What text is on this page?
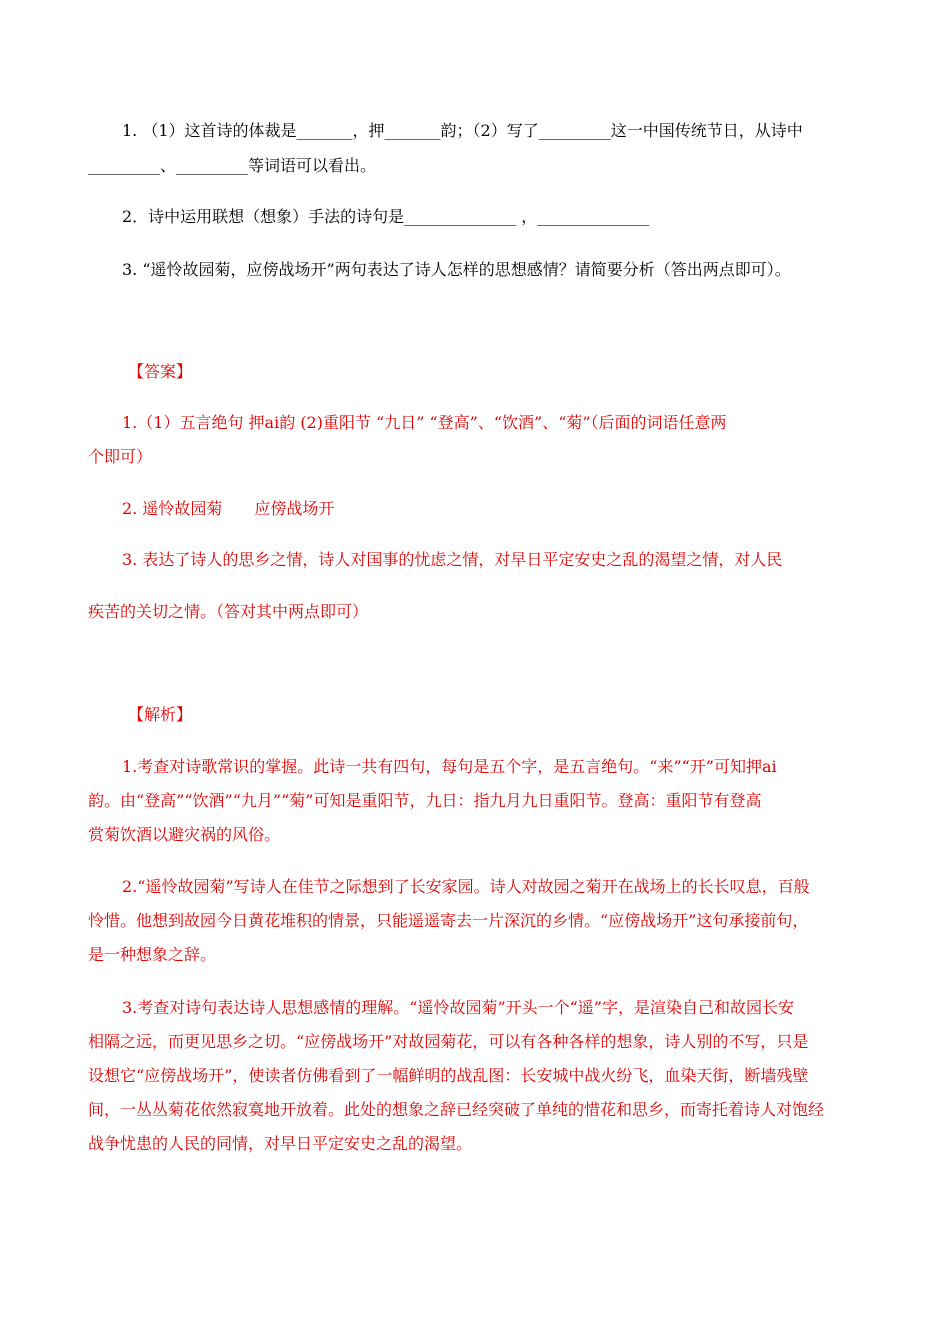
1. （1）这首诗的体裁是_______，押_______韵；（2）写了_________这一中国传统节日，从诗中
_________、_________等词语可以看出。
2．诗中运用联想（想象）手法的诗句是______________ ，______________
3. “遥怜故园菊，应傍战场开”两句表达了诗人怎样的思想感情？请简要分析（答出两点即可）。
【答案】
1.（1）五言绝句 押ai韵 (2)重阳节 “九日” “登高”、“饮酒”、“菊”（后面的词语任意两
个即可）
2. 遥怜故园菊　　应傍战场开
3. 表达了诗人的思乡之情，诗人对国事的忧虑之情，对早日平定安史之乱的渴望之情，对人民
疾苦的关切之情。（答对其中两点即可）
【解析】
1.考查对诗歌常识的掌握。此诗一共有四句，每句是五个字，是五言绝句。“来”“开”可知押ai
韵。由“登高”“饮酒”“九月”“菊”可知是重阳节，九日：指九月九日重阳节。登高：重阳节有登高
赏菊饮酒以避灾祸的风俗。
2.“遥怜故园菊”写诗人在佳节之际想到了长安家园。诗人对故园之菊开在战场上的长长叹息，百般
怜惜。他想到故园今日黄花堆积的情景，只能遥遥寄去一片深沉的乡情。“应傍战场开”这句承接前句，
是一种想象之辞。
3.考查对诗句表达诗人思想感情的理解。“遥怜故园菊”开头一个“遥”字，是渲染自己和故园长安
相隔之远，而更见思乡之切。“应傍战场开”对故园菊花，可以有各种各样的想象，诗人别的不写，只是
设想它“应傍战场开”，使读者仿佛看到了一幅鲜明的战乱图：长安城中战火纷飞，血染天街，断墙残壁
间，一丛丛菊花依然寂寞地开放着。此处的想象之辞已经突破了单纯的惜花和思乡，而寄托着诗人对饱经
战争忧患的人民的同情，对早日平定安史之乱的渴望。
